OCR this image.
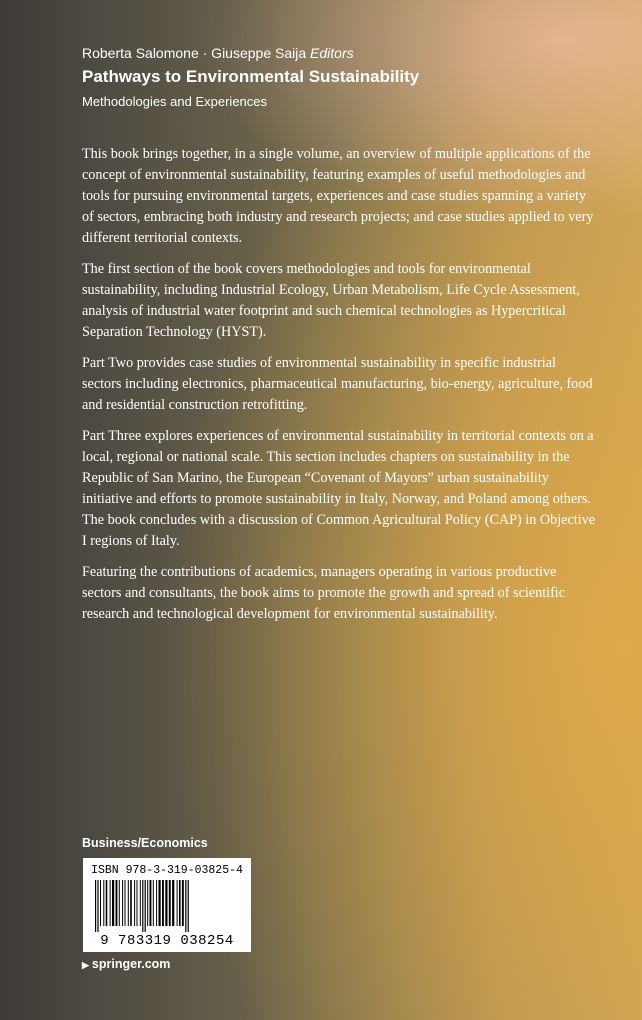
Roberta Salomone · Giuseppe Saija Editors
Pathways to Environmental Sustainability
Methodologies and Experiences

This book brings together, in a single volume, an overview of multiple applications of the concept of environmental sustainability, featuring examples of useful methodologies and tools for pursuing environmental targets, experiences and case studies spanning a variety of sectors, embracing both industry and research projects; and case studies applied to very different territorial contexts.

The first section of the book covers methodologies and tools for environmental sustainability, including Industrial Ecology, Urban Metabolism, Life Cycle Assessment, analysis of industrial water footprint and such chemical technologies as Hypercritical Separation Technology (HYST).

Part Two provides case studies of environmental sustainability in specific industrial sectors including electronics, pharmaceutical manufacturing, bio-energy, agriculture, food and residential construction retrofitting.

Part Three explores experiences of environmental sustainability in territorial contexts on a local, regional or national scale. This section includes chapters on sustainability in the Republic of San Marino, the European “Covenant of Mayors” urban sustainability initiative and efforts to promote sustainability in Italy, Norway, and Poland among others. The book concludes with a discussion of Common Agricultural Policy (CAP) in Objective I regions of Italy.

Featuring the contributions of academics, managers operating in various productive sectors and consultants, the book aims to promote the growth and spread of scientific research and technological development for environmental sustainability.

Business/Economics
ISBN 978-3-319-03825-4
9 783319 038254
▶ springer.com
